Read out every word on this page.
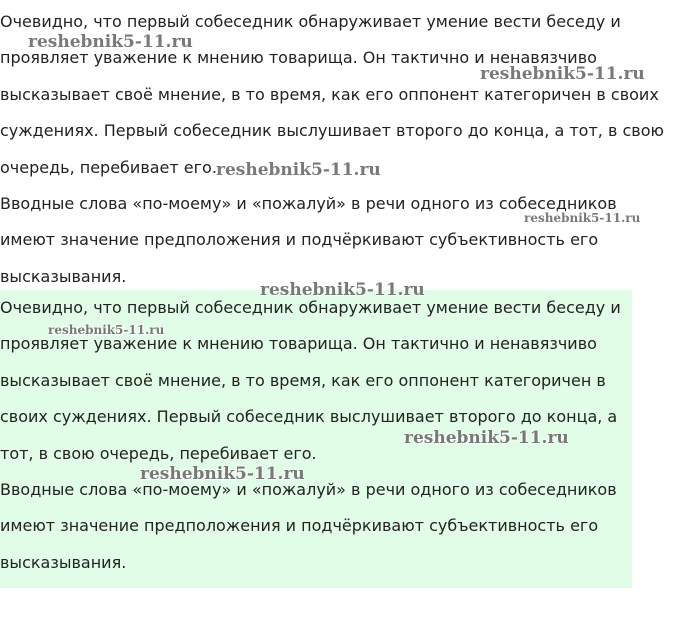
Очевидно, что первый собеседник обнаруживает умение вести беседу и проявляет уважение к мнению товарища. Он тактично и ненавязчиво высказывает своё мнение, в то время, как его оппонент категоричен в своих суждениях. Первый собеседник выслушивает второго до конца, а тот, в свою очередь, перебивает его.

Вводные слова «по-моему» и «пожалуй» в речи одного из собеседников имеют значение предположения и подчёркивают субъективность его высказывания.

Очевидно, что первый собеседник обнаруживает умение вести беседу и проявляет уважение к мнению товарища. Он тактично и ненавязчиво высказывает своё мнение, в то время, как его оппонент категоричен в своих суждениях. Первый собеседник выслушивает второго до конца, а тот, в свою очередь, перебивает его.

Вводные слова «по-моему» и «пожалуй» в речи одного из собеседников имеют значение предположения и подчёркивают субъективность его высказывания.

reshebnik5-11.ru
reshebnik5-11.ru
reshebnik5-11.ru
reshebnik5-11.ru
reshebnik5-11.ru
reshebnik5-11.ru
reshebnik5-11.ru
reshebnik5-11.ru
